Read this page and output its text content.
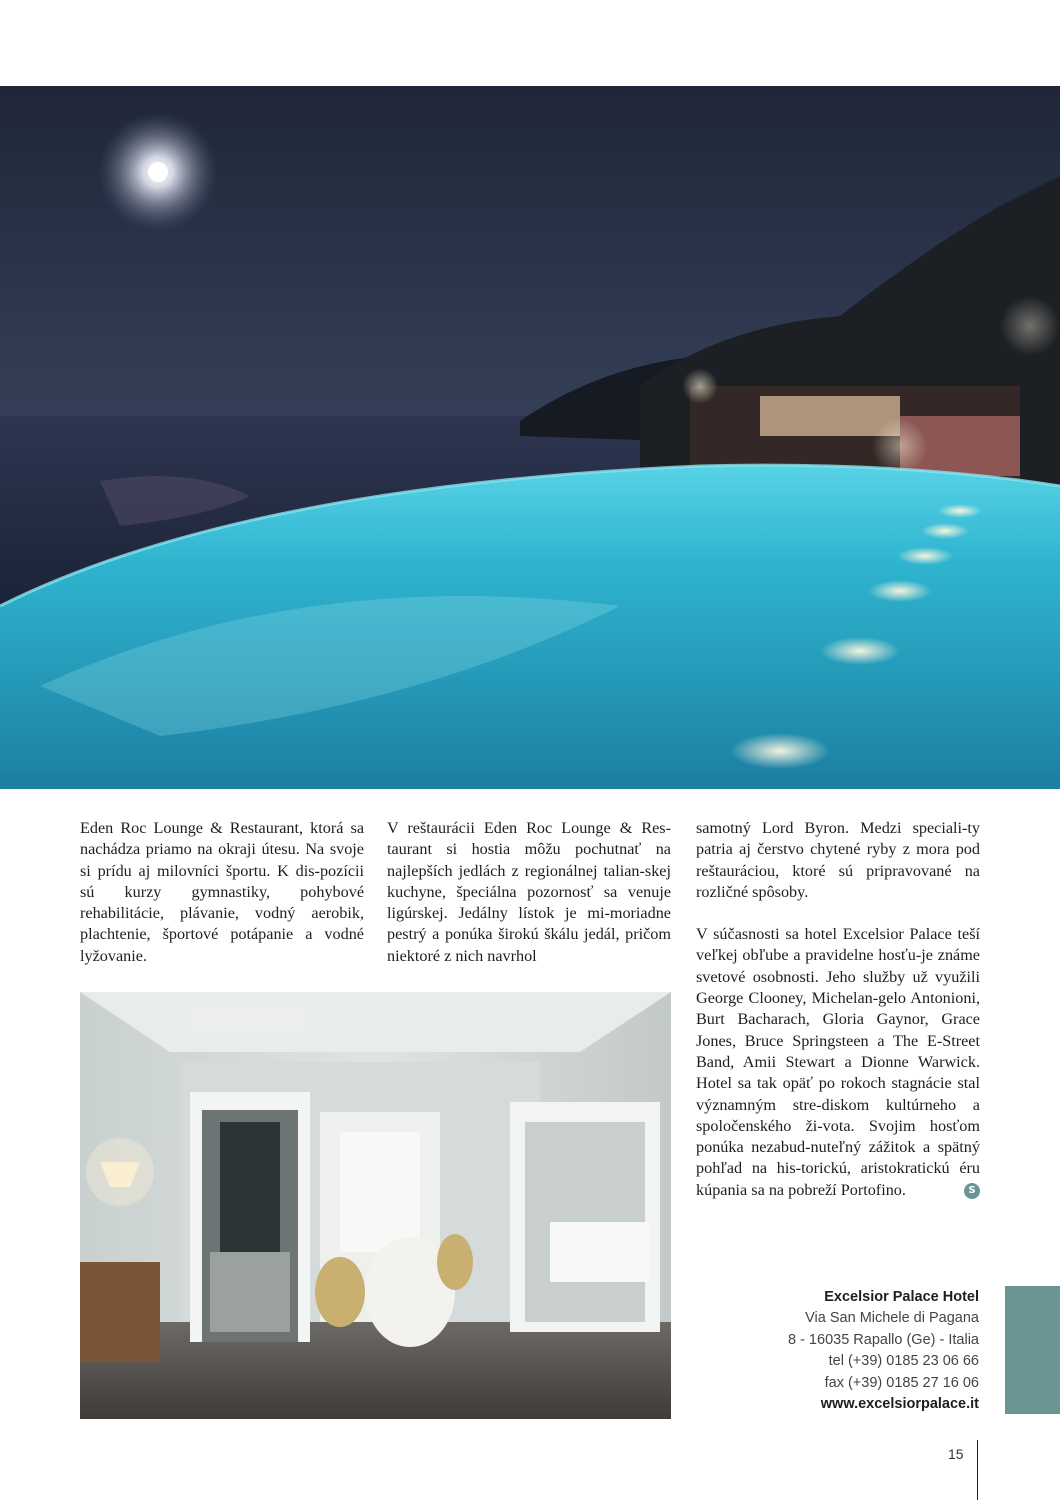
Eden Roc Lounge & Restaurant, ktorá sa nachádza priamo na okraji útesu. Na svoje si prídu aj milovníci športu. K dis-pozícii sú kurzy gymnastiky, pohybové rehabilitácie, plávanie, vodný aerobik, plachtenie, športové potápanie a vodné lyžovanie.

V reštaurácii Eden Roc Lounge & Res-taurant si hostia môžu pochutnať na najlepších jedlách z regionálnej talian-skej kuchyne, špeciálna pozornosť sa venuje ligúrskej. Jedálny lístok je mi-moriadne pestrý a ponúka širokú škálu jedál, pričom niektoré z nich navrhol

samotný Lord Byron. Medzi speciali-ty patria aj čerstvo chytené ryby z mora pod reštauráciou, ktoré sú pripravované na rozličné spôsoby.

V súčasnosti sa hotel Excelsior Palace teší veľkej obľube a pravidelne hosťu-je známe svetové osobnosti. Jeho služby už využili George Clooney, Michelan-gelo Antonioni, Burt Bacharach, Gloria Gaynor, Grace Jones, Bruce Springsteen a The E-Street Band, Amii Stewart a Dionne Warwick. Hotel sa tak opäť po rokoch stagnácie stal významným stre-diskom kultúrneho a spoločenského ži-vota. Svojim hosťom ponúka nezabud-nuteľný zážitok a spätný pohľad na his-torickú, aristokratickú éru kúpania sa na pobreží Portofino.	S

Excelsior Palace Hotel
Via San Michele di Pagana
8 - 16035 Rapallo (Ge) - Italia
tel (+39) 0185 23 06 66
fax (+39) 0185 27 16 06
www.excelsiorpalace.it
15
